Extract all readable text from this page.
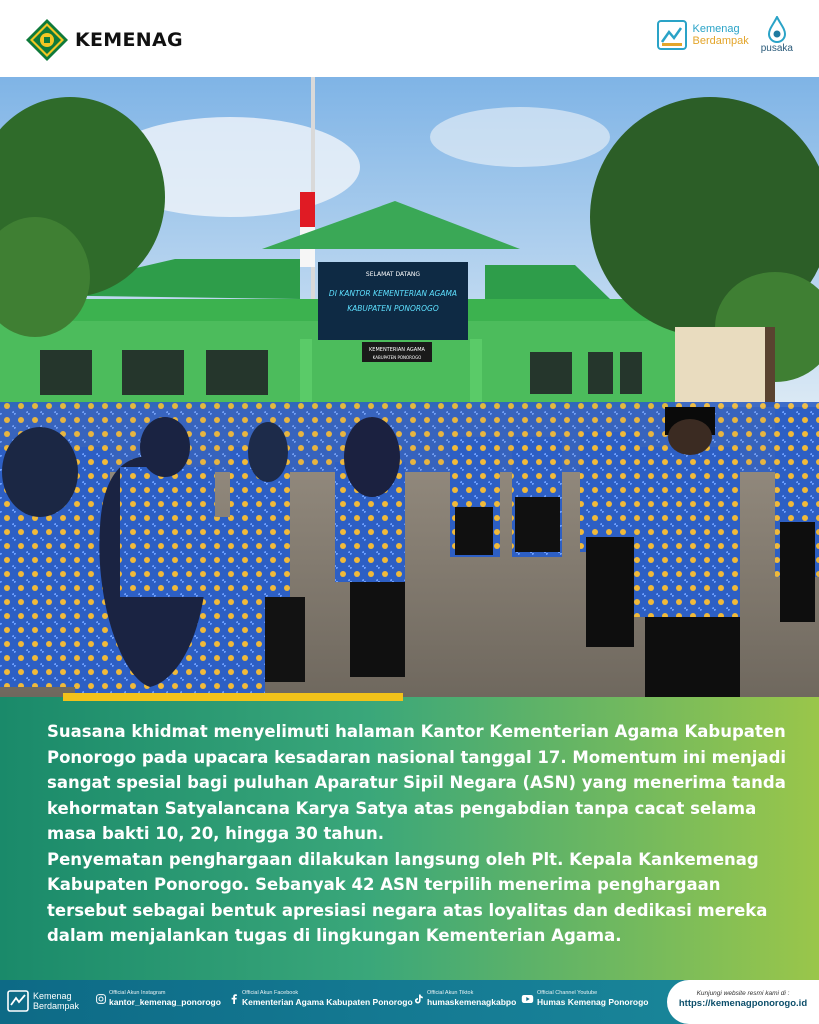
KEMENAG	Kemenag
Berdampak
pusaka
SELAMAT DATANG
DI KANTOR KEMENTERIAN AGAMA
KABUPATEN PONOROGO
KEMENTERIAN AGAMA
KABUPATEN PONOROGO

Suasana khidmat menyelimuti halaman Kantor Kementerian Agama Kabupaten Ponorogo pada upacara kesadaran nasional tanggal 17. Momentum ini menjadi sangat spesial bagi puluhan Aparatur Sipil Negara (ASN) yang menerima tanda kehormatan Satyalancana Karya Satya atas pengabdian tanpa cacat selama masa bakti 10, 20, hingga 30 tahun.

Penyematan penghargaan dilakukan langsung oleh Plt. Kepala Kankemenag Kabupaten Ponorogo. Sebanyak 42 ASN terpilih menerima penghargaan tersebut sebagai bentuk apresiasi negara atas loyalitas dan dedikasi mereka dalam menjalankan tugas di lingkungan Kementerian Agama.

Kemenag
Berdampak
Official Akun Instagram
kantor_kemenag_ponorogo
Official Akun Facebook
Kementerian Agama Kabupaten Ponorogo
Official Akun Tiktok
humaskemenagkabpo
Official Channel Youtube
Humas Kemenag Ponorogo
Kunjungi website resmi kami di :
https://kemenagponorogo.id
